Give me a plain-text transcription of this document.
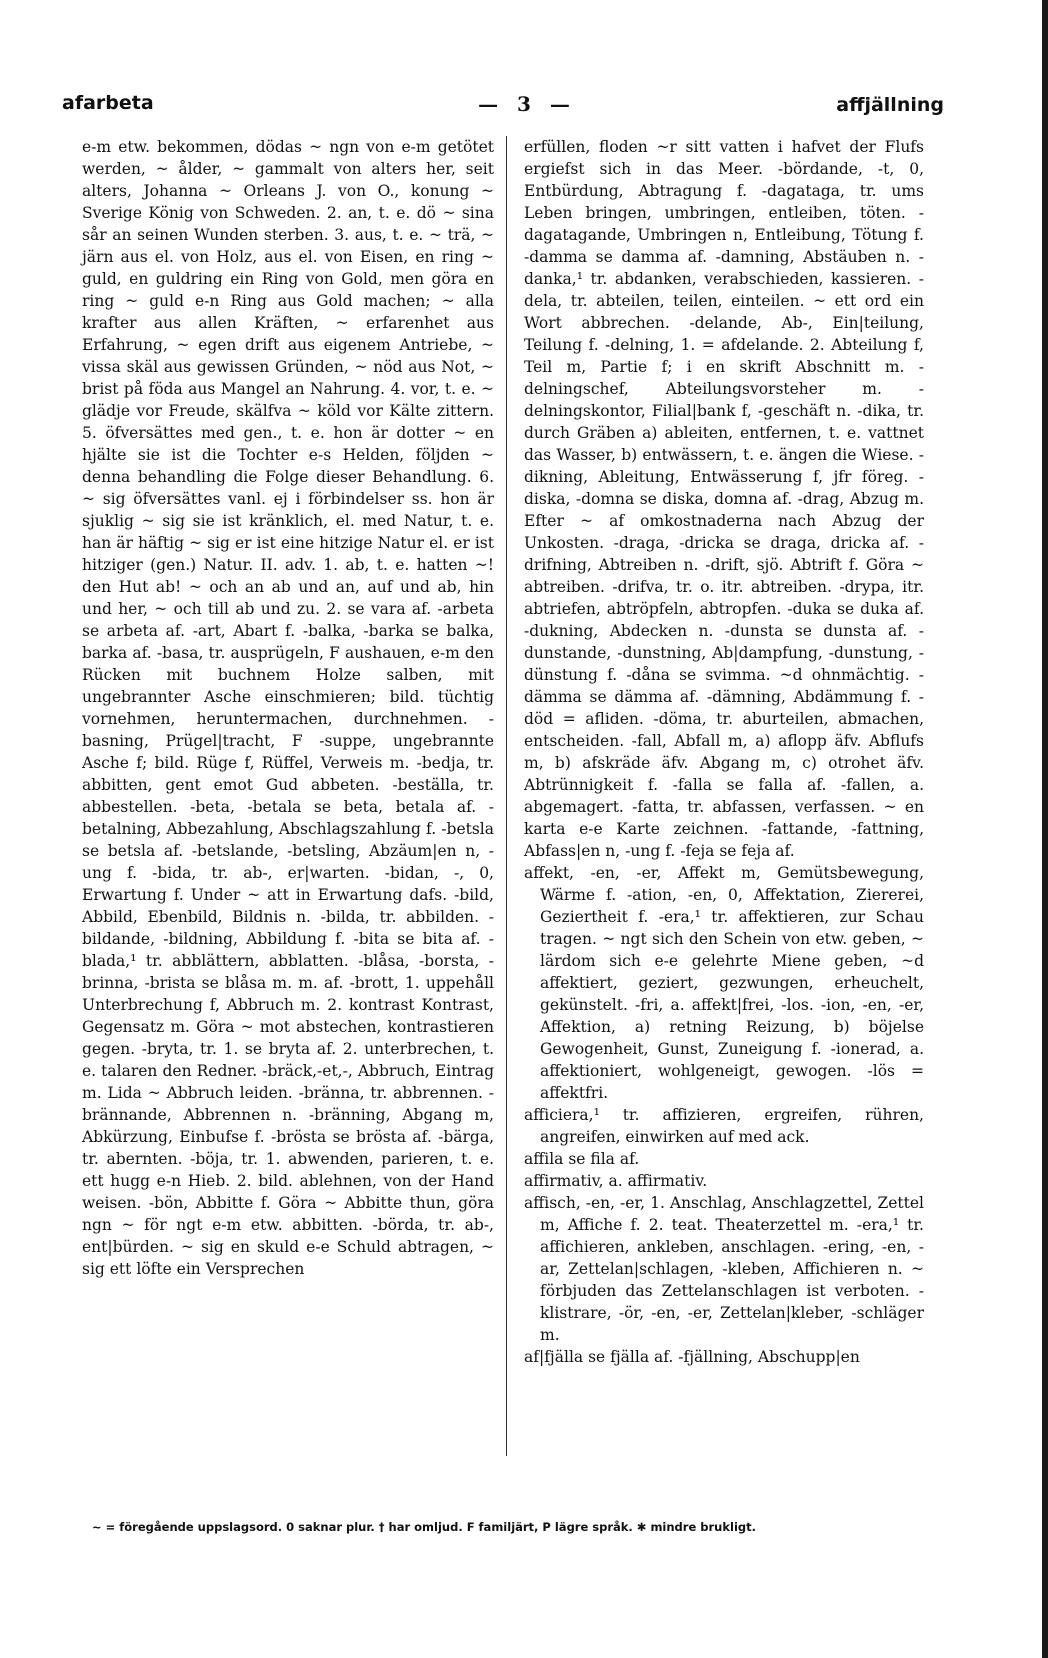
afarbeta	— 3 —	affjällning

e-m etw. bekommen, dödas ~ ngn von e-m getötet werden, ~ ålder, ~ gammalt von alters her, seit alters, Johanna ~ Orleans J. von O., konung ~ Sverige König von Schweden. 2. an, t. e. dö ~ sina sår an seinen Wunden sterben. 3. aus, t. e. ~ trä, ~ järn aus el. von Holz, aus el. von Eisen, en ring ~ guld, en guldring ein Ring von Gold, men göra en ring ~ guld e-n Ring aus Gold machen; ~ alla krafter aus allen Kräften, ~ erfarenhet aus Erfahrung, ~ egen drift aus eigenem Antriebe, ~ vissa skäl aus gewissen Gründen, ~ nöd aus Not, ~ brist på föda aus Mangel an Nahrung. 4. vor, t. e. ~ glädje vor Freude, skälfva ~ köld vor Kälte zittern. 5. öfversättes med gen., t. e. hon är dotter ~ en hjälte sie ist die Tochter e-s Helden, följden ~ denna behandling die Folge dieser Behandlung. 6. ~ sig öfversättes vanl. ej i förbindelser ss. hon är sjuklig ~ sig sie ist kränklich, el. med Natur, t. e. han är häftig ~ sig er ist eine hitzige Natur el. er ist hitziger (gen.) Natur. II. adv. 1. ab, t. e. hatten ~! den Hut ab! ~ och an ab und an, auf und ab, hin und her, ~ och till ab und zu. 2. se vara af. -arbeta se arbeta af. -art, Abart f. -balka, -barka se balka, barka af. -basa, tr. ausprügeln, F aushauen, e-m den Rücken mit buchnem Holze salben, mit ungebrannter Asche einschmieren; bild. tüchtig vornehmen, heruntermachen, durchnehmen. -basning, Prügel|tracht, F -suppe, ungebrannte Asche f; bild. Rüge f, Rüffel, Verweis m. -bedja, tr. abbitten, gent emot Gud abbeten. -beställa, tr. abbestellen. -beta, -betala se beta, betala af. -betalning, Abbezahlung, Abschlagszahlung f. -betsla se betsla af. -betslande, -betsling, Abzäum|en n, -ung f. -bida, tr. ab-, er|warten. -bidan, -, 0, Erwartung f. Under ~ att in Erwartung dafs. -bild, Abbild, Ebenbild, Bildnis n. -bilda, tr. abbilden. -bildande, -bildning, Abbildung f. -bita se bita af. -blada,¹ tr. abblättern, abblatten. -blåsa, -borsta, -brinna, -brista se blåsa m. m. af. -brott, 1. uppehåll Unterbrechung f, Abbruch m. 2. kontrast Kontrast, Gegensatz m. Göra ~ mot abstechen, kontrastieren gegen. -bryta, tr. 1. se bryta af. 2. unterbrechen, t. e. talaren den Redner. -bräck,-et,-, Abbruch, Eintrag m. Lida ~ Abbruch leiden. -bränna, tr. abbrennen. -brännande, Abbrennen n. -bränning, Abgang m, Abkürzung, Einbufse f. -brösta se brösta af. -bärga, tr. abernten. -böja, tr. 1. abwenden, parieren, t. e. ett hugg e-n Hieb. 2. bild. ablehnen, von der Hand weisen. -bön, Abbitte f. Göra ~ Abbitte thun, göra ngn ~ för ngt e-m etw. abbitten. -börda, tr. ab-, ent|bürden. ~ sig en skuld e-e Schuld abtragen, ~ sig ett löfte ein Versprechen

erfüllen, floden ~r sitt vatten i hafvet der Flufs ergiefst sich in das Meer. -bördande, -t, 0, Entbürdung, Abtragung f. -dagataga, tr. ums Leben bringen, umbringen, entleiben, töten. -dagatagande, Umbringen n, Entleibung, Tötung f. -damma se damma af. -damning, Abstäuben n. -danka,¹ tr. abdanken, verabschieden, kassieren. -dela, tr. abteilen, teilen, einteilen. ~ ett ord ein Wort abbrechen. -delande, Ab-, Ein|teilung, Teilung f. -delning, 1. = afdelande. 2. Abteilung f, Teil m, Partie f; i en skrift Abschnitt m. -delningschef, Abteilungsvorsteher m. -delningskontor, Filial|bank f, -geschäft n. -dika, tr. durch Gräben a) ableiten, entfernen, t. e. vattnet das Wasser, b) entwässern, t. e. ängen die Wiese. -dikning, Ableitung, Entwässerung f, jfr föreg. -diska, -domna se diska, domna af. -drag, Abzug m. Efter ~ af omkostnaderna nach Abzug der Unkosten. -draga, -dricka se draga, dricka af. -drifning, Abtreiben n. -drift, sjö. Abtrift f. Göra ~ abtreiben. -drifva, tr. o. itr. abtreiben. -drypa, itr. abtriefen, abtröpfeln, abtropfen. -duka se duka af. -dukning, Abdecken n. -dunsta se dunsta af. -dunstande, -dunstning, Ab|dampfung, -dunstung, -dünstung f. -dåna se svimma. ~d ohnmächtig. -dämma se dämma af. -dämning, Abdämmung f. -död = afliden. -döma, tr. aburteilen, abmachen, entscheiden. -fall, Abfall m, a) aflopp äfv. Abflufs m, b) afskräde äfv. Abgang m, c) otrohet äfv. Abtrünnigkeit f. -falla se falla af. -fallen, a. abgemagert. -fatta, tr. abfassen, verfassen. ~ en karta e-e Karte zeichnen. -fattande, -fattning, Abfass|en n, -ung f. -feja se feja af.

affekt, -en, -er, Affekt m, Gemütsbewegung, Wärme f. -ation, -en, 0, Affektation, Ziererei, Geziertheit f. -era,¹ tr. affektieren, zur Schau tragen. ~ ngt sich den Schein von etw. geben, ~ lärdom sich e-e gelehrte Miene geben, ~d affektiert, geziert, gezwungen, erheuchelt, gekünstelt. -fri, a. affekt|frei, -los. -ion, -en, -er, Affektion, a) retning Reizung, b) böjelse Gewogenheit, Gunst, Zuneigung f. -ionerad, a. affektioniert, wohlgeneigt, gewogen. -lös = affektfri.

afficiera,¹ tr. affizieren, ergreifen, rühren, angreifen, einwirken auf med ack.

affila se fila af.

affirmativ, a. affirmativ.

affisch, -en, -er, 1. Anschlag, Anschlagzettel, Zettel m, Affiche f. 2. teat. Theaterzettel m. -era,¹ tr. affichieren, ankleben, anschlagen. -ering, -en, -ar, Zettelan|schlagen, -kleben, Affichieren n. ~ förbjuden das Zettelanschlagen ist verboten. -klistrare, -ör, -en, -er, Zettelan|kleber, -schläger m.

af|fjälla se fjälla af. -fjällning, Abschupp|en

~ = föregående uppslagsord. 0 saknar plur. † har omljud. F familjärt, P lägre språk. ✱ mindre brukligt.
